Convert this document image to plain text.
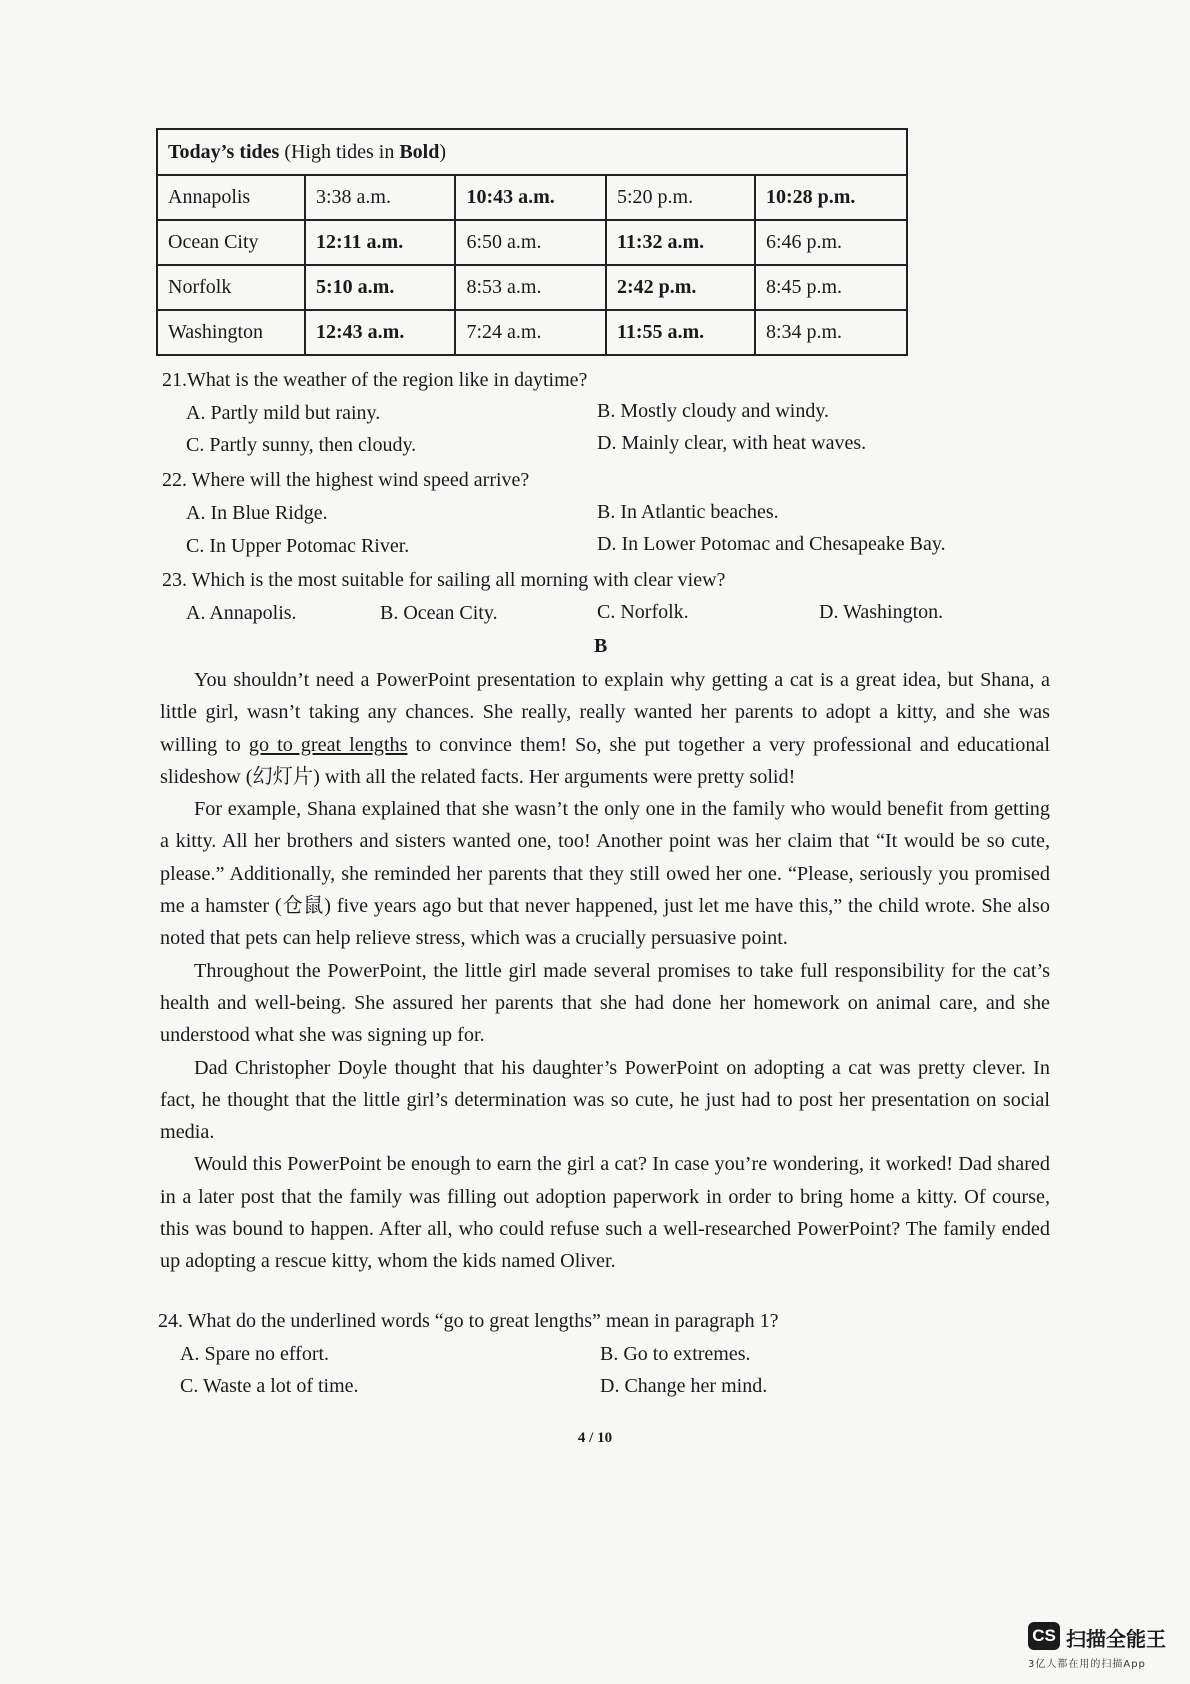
Today’s tides (High tides in Bold)				
Annapolis	3:38 a.m.	10:43 a.m.	5:20 p.m.	10:28 p.m.
Ocean City	12:11 a.m.	6:50 a.m.	11:32 a.m.	6:46 p.m.
Norfolk	5:10 a.m.	8:53 a.m.	2:42 p.m.	8:45 p.m.
Washington	12:43 a.m.	7:24 a.m.	11:55 a.m.	8:34 p.m.
21.What is the weather of the region like in daytime?
A. Partly mild but rainy.	B. Mostly cloudy and windy.
C. Partly sunny, then cloudy.	D. Mainly clear, with heat waves.
22. Where will the highest wind speed arrive?
A. In Blue Ridge.	B. In Atlantic beaches.
C. In Upper Potomac River.	D. In Lower Potomac and Chesapeake Bay.
23. Which is the most suitable for sailing all morning with clear view?
A. Annapolis.	B. Ocean City.	C. Norfolk.	D. Washington.
B

You shouldn’t need a PowerPoint presentation to explain why getting a cat is a great idea, but Shana, a little girl, wasn’t taking any chances. She really, really wanted her parents to adopt a kitty, and she was willing to go to great lengths to convince them! So, she put together a very professional and educational slideshow (幻灯片) with all the related facts. Her arguments were pretty solid!

For example, Shana explained that she wasn’t the only one in the family who would benefit from getting a kitty. All her brothers and sisters wanted one, too! Another point was her claim that “It would be so cute, please.” Additionally, she reminded her parents that they still owed her one. “Please, seriously you promised me a hamster (仓鼠) five years ago but that never happened, just let me have this,” the child wrote. She also noted that pets can help relieve stress, which was a crucially persuasive point.

Throughout the PowerPoint, the little girl made several promises to take full responsibility for the cat’s health and well-being. She assured her parents that she had done her homework on animal care, and she understood what she was signing up for.

Dad Christopher Doyle thought that his daughter’s PowerPoint on adopting a cat was pretty clever. In fact, he thought that the little girl’s determination was so cute, he just had to post her presentation on social media.

Would this PowerPoint be enough to earn the girl a cat? In case you’re wondering, it worked! Dad shared in a later post that the family was filling out adoption paperwork in order to bring home a kitty. Of course, this was bound to happen. After all, who could refuse such a well-researched PowerPoint? The family ended up adopting a rescue kitty, whom the kids named Oliver.

24. What do the underlined words “go to great lengths” mean in paragraph 1?
A. Spare no effort.	B. Go to extremes.
C. Waste a lot of time.	D. Change her mind.
4 / 10
CS 扫描全能王
3亿人都在用的扫描App
